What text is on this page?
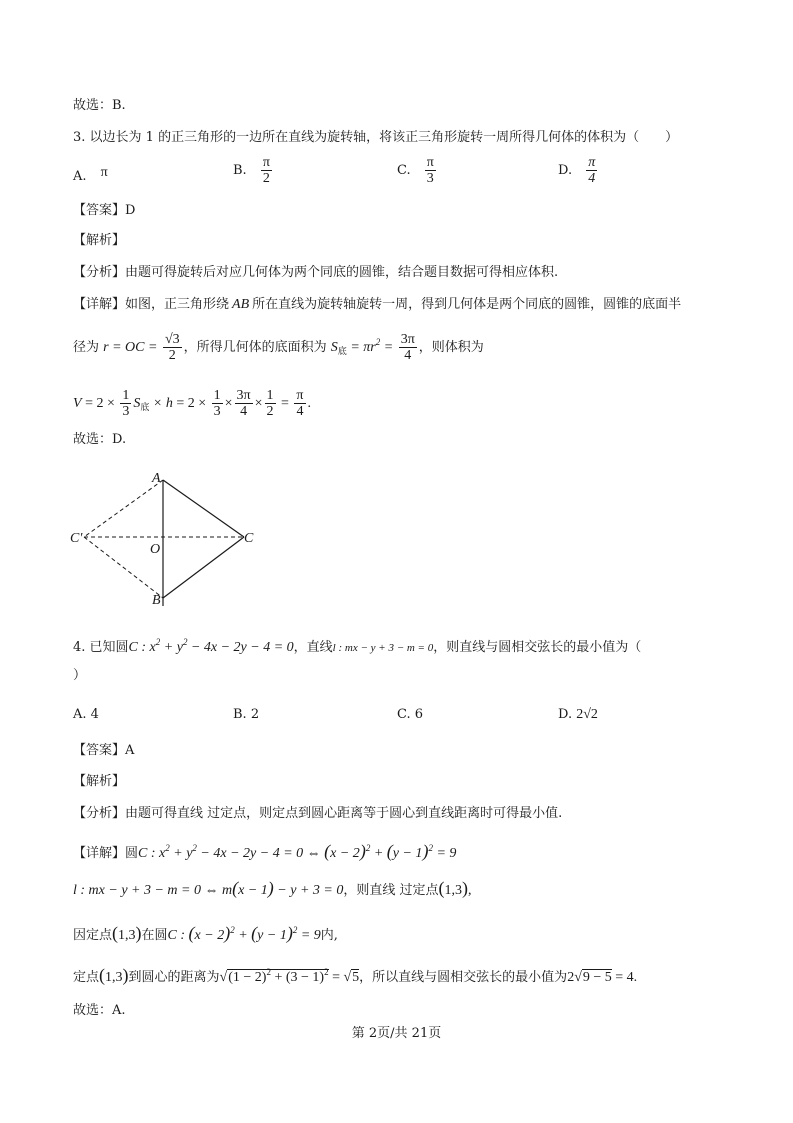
故选：B.
3. 以边长为 1 的正三角形的一边所在直线为旋转轴，将该正三角形旋转一周所得几何体的体积为（　　）
A. π	B. $\frac{\pi}{2}$	C. $\frac{\pi}{3}$	D. $\frac{\pi}{4}$
【答案】D
【解析】
【分析】由题可得旋转后对应几何体为两个同底的圆锥，结合题目数据可得相应体积.
【详解】如图，正三角形绕 AB 所在直线为旋转轴旋转一周，得到几何体是两个同底的圆锥，圆锥的底面半
径为 r = OC = $\frac{√3}{2}$ ，所得几何体的底面积为 $S_底 = \pi r^2 = \frac{3\pi}{4}$ ，则体积为
$V = 2 \times \frac{1}{3} S_底 \times h = 2 \times \frac{1}{3} \times \frac{3\pi}{4} \times \frac{1}{2} = \frac{\pi}{4}$ .
故选：D.
A
B
C
C'
O
4. 已知圆C : $x^2 + y^2 - 4x - 2y - 4 = 0$，直线l : mx − y + 3 − m = 0，则直线与圆相交弦长的最小值为（
）
A. 4	B. 2	C. 6	D. 2√2
【答案】A
【解析】
【分析】由题可得直线 过定点，则定点到圆心距离等于圆心到直线距离时可得最小值.
【详解】圆C : $x^2 + y^2 - 4x - 2y - 4 = 0$ ⇔ $(x - 2)^2 + (y - 1)^2 = 9$
l : mx − y + 3 − m = 0 ⇔ m(x − 1) − y + 3 = 0，则直线 过定点(1,3),
因定点(1,3)在圆C : $(x - 2)^2 + (y - 1)^2 = 9$内,
定点(1,3)到圆心的距离为$√(1 - 2)^2 + (3 - 1)^2 = √5$，所以直线与圆相交弦长的最小值为2√9 − 5 = 4.
故选：A.
第 2页/共 21页
